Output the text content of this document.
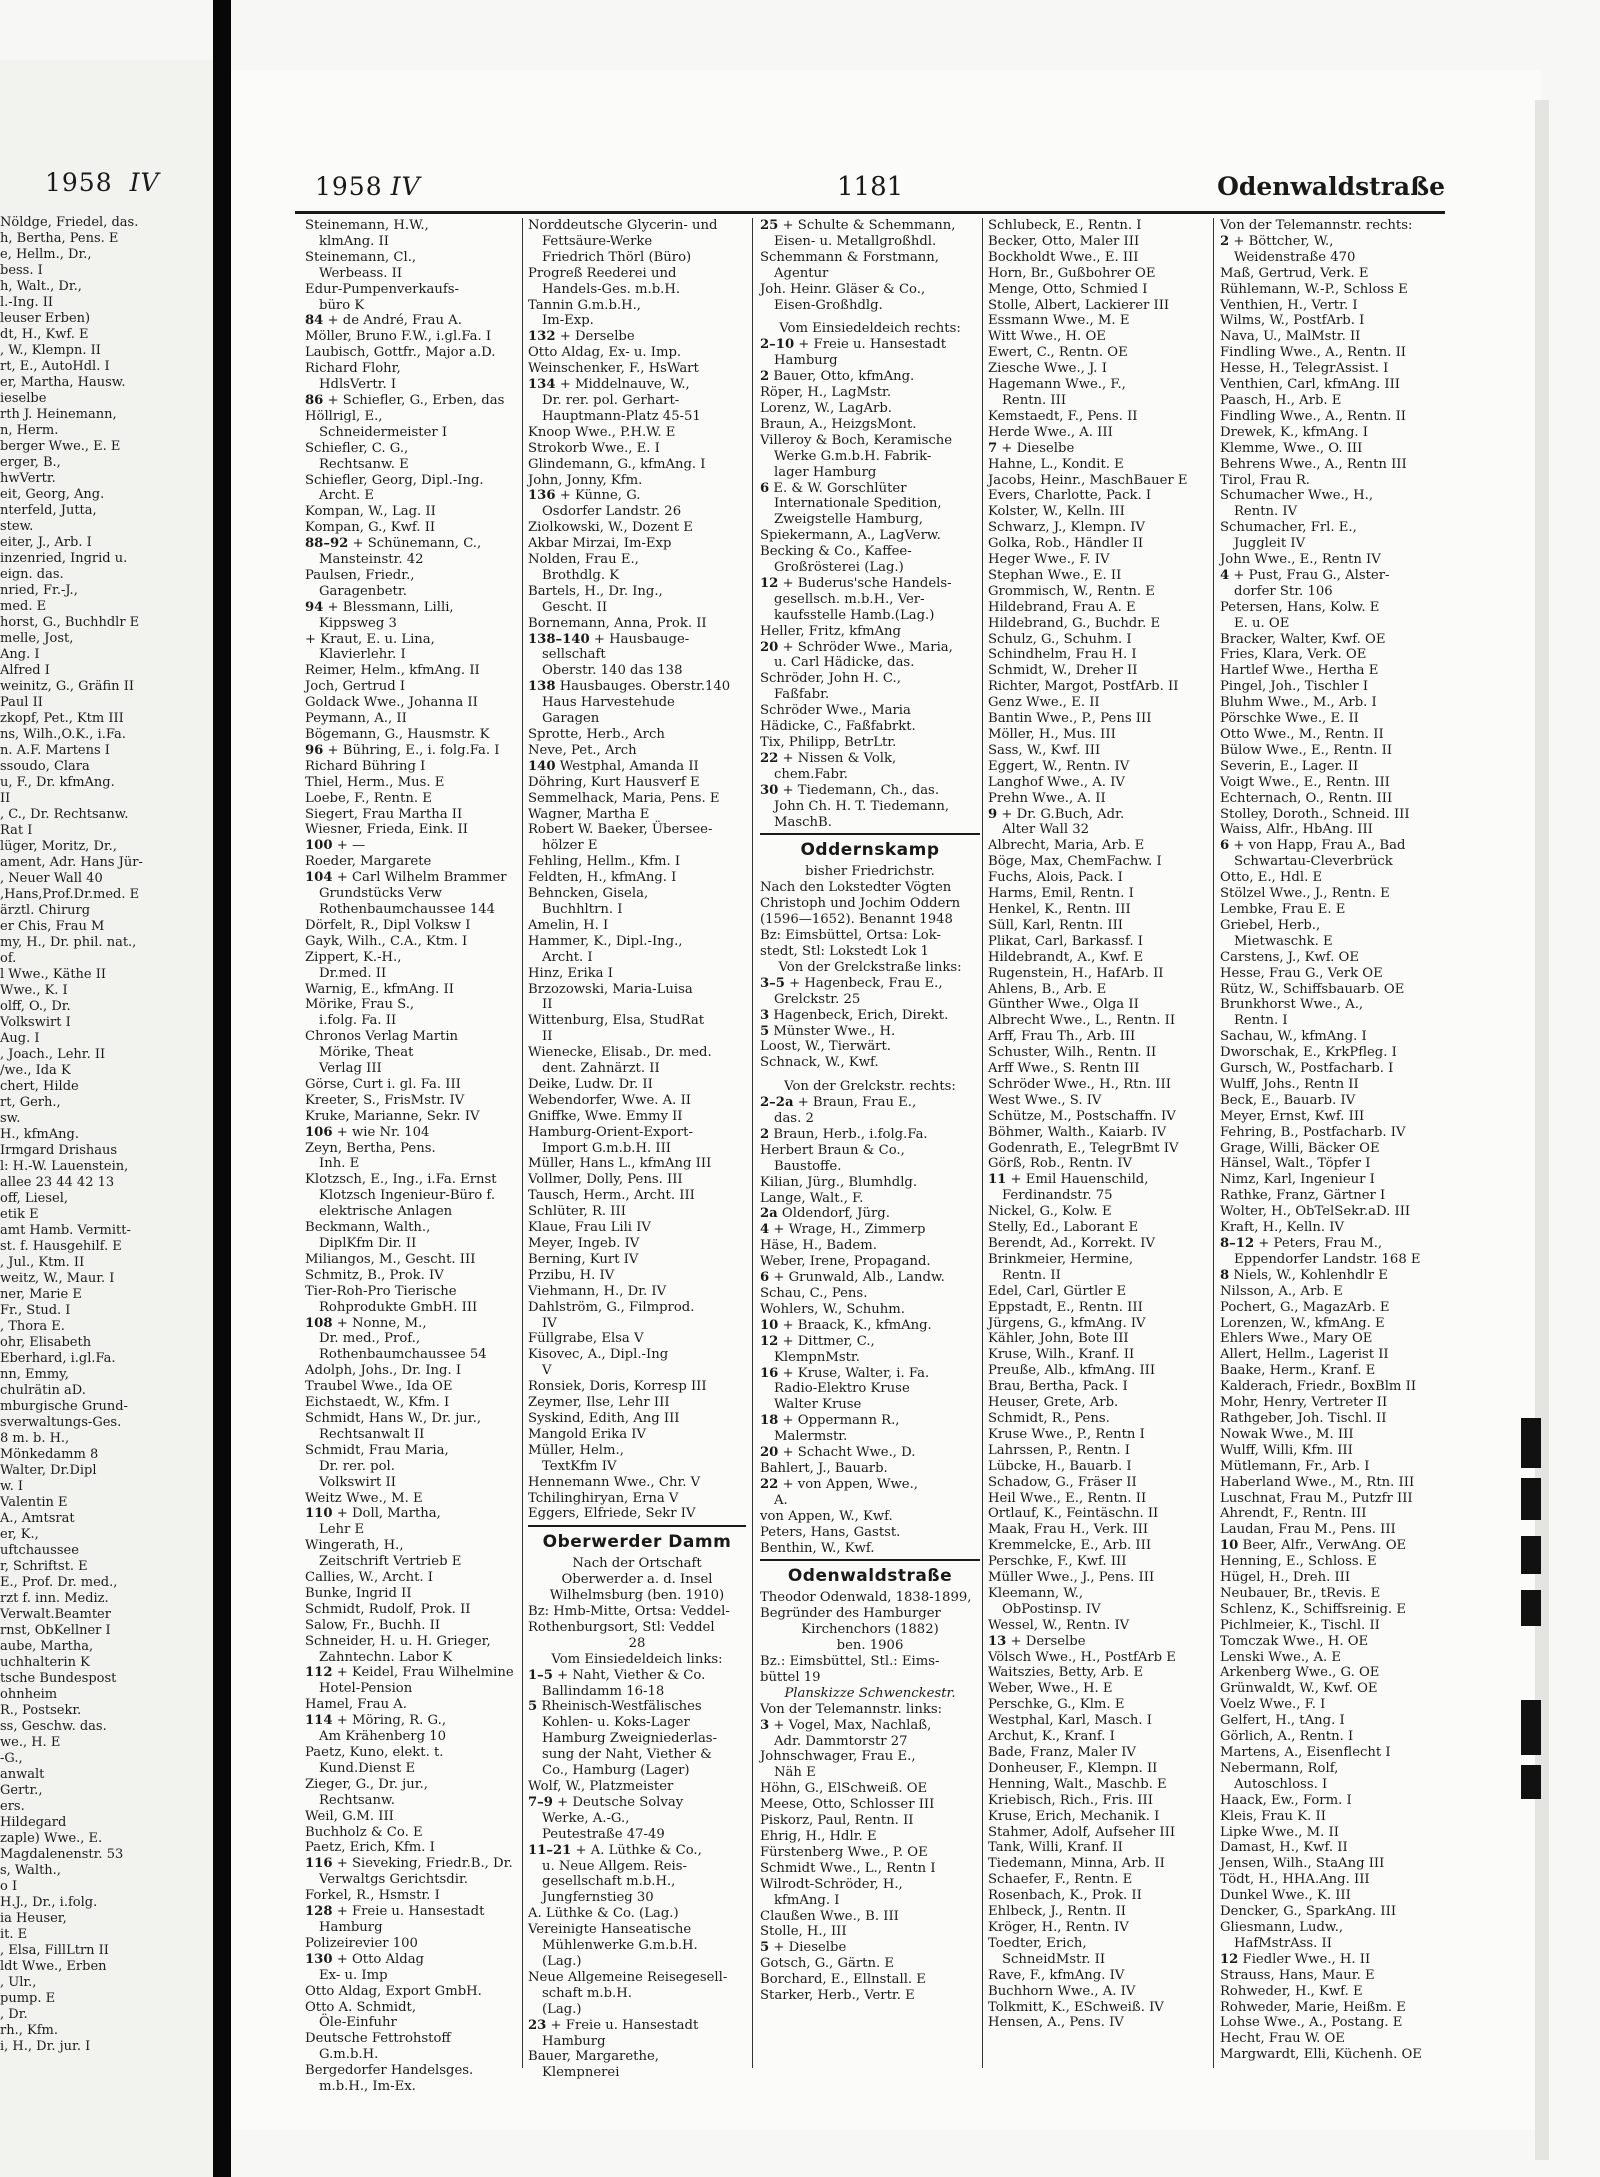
1958 IV
Nöldge, Friedel, das.
h, Bertha, Pens. E
e, Hellm., Dr.,
bess. I
h, Walt., Dr.,
l.-Ing. II
leuser Erben)
dt, H., Kwf. E
, W., Klempn. II
rt, E., AutoHdl. I
er, Martha, Hausw.
ieselbe
rth J. Heinemann,
n, Herm.
berger Wwe., E. E
erger, B.,
hwVertr.
eit, Georg, Ang.
nterfeld, Jutta,
stew.
eiter, J., Arb. I
inzenried, Ingrid u.
eign. das.
nried, Fr.-J.,
med. E
horst, G., Buchhdlr E
melle, Jost,
Ang. I
Alfred I
weinitz, G., Gräfin II
Paul II
zkopf, Pet., Ktm III
ns, Wilh.,O.K., i.Fa.
n. A.F. Martens I
ssoudo, Clara
u, F., Dr. kfmAng.
II
, C., Dr. Rechtsanw.
Rat I
lüger, Moritz, Dr.,
ament, Adr. Hans Jür-
, Neuer Wall 40
,Hans,Prof.Dr.med. E
ärztl. Chirurg
er Chis, Frau M
my, H., Dr. phil. nat.,
of.
l Wwe., Käthe II
Wwe., K. I
olff, O., Dr.
Volkswirt I
Aug. I
, Joach., Lehr. II
/we., Ida K
chert, Hilde
rt, Gerh.,
sw.
H., kfmAng.
Irmgard Drishaus
l: H.-W. Lauenstein,
allee 23 44 42 13
off, Liesel,
etik E
amt Hamb. Vermitt-
st. f. Hausgehilf. E
, Jul., Ktm. II
weitz, W., Maur. I
ner, Marie E
Fr., Stud. I
, Thora E.
ohr, Elisabeth
Eberhard, i.gl.Fa.
nn, Emmy,
chulrätin aD.
mburgische Grund-
sverwaltungs-Ges.
8 m. b. H.,
Mönkedamm 8
Walter, Dr.Dipl
w. I
Valentin E
A., Amtsrat
er, K.,
uftchaussee
r, Schriftst. E
E., Prof. Dr. med.,
rzt f. inn. Mediz.
Verwalt.Beamter
rnst, ObKellner I
aube, Martha,
uchhalterin K
tsche Bundespost
ohnheim
R., Postsekr.
ss, Geschw. das.
we., H. E
-G.,
anwalt
Gertr.,
ers.
Hildegard
zaple) Wwe., E.
Magdalenenstr. 53
s, Walth.,
o I
H.J., Dr., i.folg.
ia Heuser,
it. E
, Elsa, FillLtrn II
ldt Wwe., Erben
, Ulr.,
pump. E
, Dr.
rh., Kfm.
i, H., Dr. jur. I
1958 IV	1181	Odenwaldstraße
Steinemann, H.W.,
klmAng. II
Steinemann, Cl.,
Werbeass. II
Edur-Pumpenverkaufs-
büro K
84 + de André, Frau A.
Möller, Bruno F.W., i.gl.Fa. I
Laubisch, Gottfr., Major a.D.
Richard Flohr,
HdlsVertr. I
86 + Schiefler, G., Erben, das
Höllrigl, E.,
Schneidermeister I
Schiefler, C. G.,
Rechtsanw. E
Schiefler, Georg, Dipl.-Ing.
Archt. E
Kompan, W., Lag. II
Kompan, G., Kwf. II
88–92 + Schünemann, C.,
Mansteinstr. 42
Paulsen, Friedr.,
Garagenbetr.
94 + Blessmann, Lilli,
Kippsweg 3
+ Kraut, E. u. Lina,
Klavierlehr. I
Reimer, Helm., kfmAng. II
Joch, Gertrud I
Goldack Wwe., Johanna II
Peymann, A., II
Bögemann, G., Hausmstr. K
96 + Bühring, E., i. folg.Fa. I
Richard Bühring I
Thiel, Herm., Mus. E
Loebe, F., Rentn. E
Siegert, Frau Martha II
Wiesner, Frieda, Eink. II
100 + —
Roeder, Margarete
104 + Carl Wilhelm Brammer
Grundstücks Verw
Rothenbaumchaussee 144
Dörfelt, R., Dipl Volksw I
Gayk, Wilh., C.A., Ktm. I
Zippert, K.-H.,
Dr.med. II
Warnig, E., kfmAng. II
Mörike, Frau S.,
i.folg. Fa. II
Chronos Verlag Martin
Mörike, Theat
Verlag III
Görse, Curt i. gl. Fa. III
Kreeter, S., FrisMstr. IV
Kruke, Marianne, Sekr. IV
106 + wie Nr. 104
Zeyn, Bertha, Pens.
Inh. E
Klotzsch, E., Ing., i.Fa. Ernst
Klotzsch Ingenieur-Büro f.
elektrische Anlagen
Beckmann, Walth.,
DiplKfm Dir. II
Miliangos, M., Gescht. III
Schmitz, B., Prok. IV
Tier-Roh-Pro Tierische
Rohprodukte GmbH. III
108 + Nonne, M.,
Dr. med., Prof.,
Rothenbaumchaussee 54
Adolph, Johs., Dr. Ing. I
Traubel Wwe., Ida OE
Eichstaedt, W., Kfm. I
Schmidt, Hans W., Dr. jur.,
Rechtsanwalt II
Schmidt, Frau Maria,
Dr. rer. pol.
Volkswirt II
Weitz Wwe., M. E
110 + Doll, Martha,
Lehr E
Wingerath, H.,
Zeitschrift Vertrieb E
Callies, W., Archt. I
Bunke, Ingrid II
Schmidt, Rudolf, Prok. II
Salow, Fr., Buchh. II
Schneider, H. u. H. Grieger,
Zahntechn. Labor K
112 + Keidel, Frau Wilhelmine
Hotel-Pension
Hamel, Frau A.
114 + Möring, R. G.,
Am Krähenberg 10
Paetz, Kuno, elekt. t.
Kund.Dienst E
Zieger, G., Dr. jur.,
Rechtsanw.
Weil, G.M. III
Buchholz & Co. E
Paetz, Erich, Kfm. I
116 + Sieveking, Friedr.B., Dr.
Verwaltgs Gerichtsdir.
Forkel, R., Hsmstr. I
128 + Freie u. Hansestadt
Hamburg
Polizeirevier 100
130 + Otto Aldag
Ex- u. Imp
Otto Aldag, Export GmbH.
Otto A. Schmidt,
Öle-Einfuhr
Deutsche Fettrohstoff
G.m.b.H.
Bergedorfer Handelsges.
m.b.H., Im-Ex.
Norddeutsche Glycerin- und
Fettsäure-Werke
Friedrich Thörl (Büro)
Progreß Reederei und
Handels-Ges. m.b.H.
Tannin G.m.b.H.,
Im-Exp.
132 + Derselbe
Otto Aldag, Ex- u. Imp.
Weinschenker, F., HsWart
134 + Middelnauve, W.,
Dr. rer. pol. Gerhart-
Hauptmann-Platz 45-51
Knoop Wwe., P.H.W. E
Strokorb Wwe., E. I
Glindemann, G., kfmAng. I
John, Jonny, Kfm.
136 + Künne, G.
Osdorfer Landstr. 26
Ziolkowski, W., Dozent E
Akbar Mirzai, Im-Exp
Nolden, Frau E.,
Brothdlg. K
Bartels, H., Dr. Ing.,
Gescht. II
Bornemann, Anna, Prok. II
138–140 + Hausbauge-
sellschaft
Oberstr. 140 das 138
138 Hausbauges. Oberstr.140
Haus Harvestehude
Garagen
Sprotte, Herb., Arch
Neve, Pet., Arch
140 Westphal, Amanda II
Döhring, Kurt Hausverf E
Semmelhack, Maria, Pens. E
Wagner, Martha E
Robert W. Baeker, Übersee-
hölzer E
Fehling, Hellm., Kfm. I
Feldten, H., kfmAng. I
Behncken, Gisela,
Buchhltrn. I
Amelin, H. I
Hammer, K., Dipl.-Ing.,
Archt. I
Hinz, Erika I
Brzozowski, Maria-Luisa
II
Wittenburg, Elsa, StudRat
II
Wienecke, Elisab., Dr. med.
dent. Zahnärzt. II
Deike, Ludw. Dr. II
Webendorfer, Wwe. A. II
Gniffke, Wwe. Emmy II
Hamburg-Orient-Export-
Import G.m.b.H. III
Müller, Hans L., kfmAng III
Vollmer, Dolly, Pens. III
Tausch, Herm., Archt. III
Schlüter, R. III
Klaue, Frau Lili IV
Meyer, Ingeb. IV
Berning, Kurt IV
Przibu, H. IV
Viehmann, H., Dr. IV
Dahlström, G., Filmprod.
IV
Füllgrabe, Elsa V
Kisovec, A., Dipl.-Ing
V
Ronsiek, Doris, Korresp III
Zeymer, Ilse, Lehr III
Syskind, Edith, Ang III
Mangold Erika IV
Müller, Helm.,
TextKfm IV
Hennemann Wwe., Chr. V
Tchilinghiryan, Erna V
Eggers, Elfriede, Sekr IV
Oberwerder Damm
Nach der Ortschaft
Oberwerder a. d. Insel
Wilhelmsburg (ben. 1910)
Bz: Hmb-Mitte, Ortsa: Veddel-
Rothenburgsort, Stl: Veddel
28
Vom Einsiedeldeich links:
1–5 + Naht, Viether & Co.
Ballindamm 16-18
5 Rheinisch-Westfälisches
Kohlen- u. Koks-Lager
Hamburg Zweigniederlas-
sung der Naht, Viether &
Co., Hamburg (Lager)
Wolf, W., Platzmeister
7–9 + Deutsche Solvay
Werke, A.-G.,
Peutestraße 47-49
11–21 + A. Lüthke & Co.,
u. Neue Allgem. Reis-
gesellschaft m.b.H.,
Jungfernstieg 30
A. Lüthke & Co. (Lag.)
Vereinigte Hanseatische
Mühlenwerke G.m.b.H.
(Lag.)
Neue Allgemeine Reisegesell-
schaft m.b.H.
(Lag.)
23 + Freie u. Hansestadt
Hamburg
Bauer, Margarethe,
Klempnerei
25 + Schulte & Schemmann,
Eisen- u. Metallgroßhdl.
Schemmann & Forstmann,
Agentur
Joh. Heinr. Gläser & Co.,
Eisen-Großhdlg.
Vom Einsiedeldeich rechts:
2–10 + Freie u. Hansestadt
Hamburg
2 Bauer, Otto, kfmAng.
Röper, H., LagMstr.
Lorenz, W., LagArb.
Braun, A., HeizgsMont.
Villeroy & Boch, Keramische
Werke G.m.b.H. Fabrik-
lager Hamburg
6 E. & W. Gorschlüter
Internationale Spedition,
Zweigstelle Hamburg,
Spiekermann, A., LagVerw.
Becking & Co., Kaffee-
Großrösterei (Lag.)
12 + Buderus'sche Handels-
gesellsch. m.b.H., Ver-
kaufsstelle Hamb.(Lag.)
Heller, Fritz, kfmAng
20 + Schröder Wwe., Maria,
u. Carl Hädicke, das.
Schröder, John H. C.,
Faßfabr.
Schröder Wwe., Maria
Hädicke, C., Faßfabrkt.
Tix, Philipp, BetrLtr.
22 + Nissen & Volk,
chem.Fabr.
30 + Tiedemann, Ch., das.
John Ch. H. T. Tiedemann,
MaschB.
Oddernskamp
bisher Friedrichstr.
Nach den Lokstedter Vögten
Christoph und Jochim Oddern
(1596—1652). Benannt 1948
Bz: Eimsbüttel, Ortsa: Lok-
stedt, Stl: Lokstedt Lok 1
Von der Grelckstraße links:
3–5 + Hagenbeck, Frau E.,
Grelckstr. 25
3 Hagenbeck, Erich, Direkt.
5 Münster Wwe., H.
Loost, W., Tierwärt.
Schnack, W., Kwf.
Von der Grelckstr. rechts:
2–2a + Braun, Frau E.,
das. 2
2 Braun, Herb., i.folg.Fa.
Herbert Braun & Co.,
Baustoffe.
Kilian, Jürg., Blumhdlg.
Lange, Walt., F.
2a Oldendorf, Jürg.
4 + Wrage, H., Zimmerp
Häse, H., Badem.
Weber, Irene, Propagand.
6 + Grunwald, Alb., Landw.
Schau, C., Pens.
Wohlers, W., Schuhm.
10 + Braack, K., kfmAng.
12 + Dittmer, C.,
KlempnMstr.
16 + Kruse, Walter, i. Fa.
Radio-Elektro Kruse
Walter Kruse
18 + Oppermann R.,
Malermstr.
20 + Schacht Wwe., D.
Bahlert, J., Bauarb.
22 + von Appen, Wwe.,
A.
von Appen, W., Kwf.
Peters, Hans, Gastst.
Benthin, W., Kwf.
Odenwaldstraße
Theodor Odenwald, 1838-1899,
Begründer des Hamburger
Kirchenchors (1882)
ben. 1906
Bz.: Eimsbüttel, Stl.: Eims-
büttel 19
Planskizze Schwenckestr.
Von der Telemannstr. links:
3 + Vogel, Max, Nachlaß,
Adr. Dammtorstr 27
Johnschwager, Frau E.,
Näh E
Höhn, G., ElSchweiß. OE
Meese, Otto, Schlosser III
Piskorz, Paul, Rentn. II
Ehrig, H., Hdlr. E
Fürstenberg Wwe., P. OE
Schmidt Wwe., L., Rentn I
Wilrodt-Schröder, H.,
kfmAng. I
Claußen Wwe., B. III
Stolle, H., III
5 + Dieselbe
Gotsch, G., Gärtn. E
Borchard, E., Ellnstall. E
Starker, Herb., Vertr. E
Schlubeck, E., Rentn. I
Becker, Otto, Maler III
Bockholdt Wwe., E. III
Horn, Br., Gußbohrer OE
Menge, Otto, Schmied I
Stolle, Albert, Lackierer III
Essmann Wwe., M. E
Witt Wwe., H. OE
Ewert, C., Rentn. OE
Ziesche Wwe., J. I
Hagemann Wwe., F.,
Rentn. III
Kemstaedt, F., Pens. II
Herde Wwe., A. III
7 + Dieselbe
Hahne, L., Kondit. E
Jacobs, Heinr., MaschBauer E
Evers, Charlotte, Pack. I
Kolster, W., Kelln. III
Schwarz, J., Klempn. IV
Golka, Rob., Händler II
Heger Wwe., F. IV
Stephan Wwe., E. II
Grommisch, W., Rentn. E
Hildebrand, Frau A. E
Hildebrand, G., Buchdr. E
Schulz, G., Schuhm. I
Schindhelm, Frau H. I
Schmidt, W., Dreher II
Richter, Margot, PostfArb. II
Genz Wwe., E. II
Bantin Wwe., P., Pens III
Möller, H., Mus. III
Sass, W., Kwf. III
Eggert, W., Rentn. IV
Langhof Wwe., A. IV
Prehn Wwe., A. II
9 + Dr. G.Buch, Adr.
Alter Wall 32
Albrecht, Maria, Arb. E
Böge, Max, ChemFachw. I
Fuchs, Alois, Pack. I
Harms, Emil, Rentn. I
Henkel, K., Rentn. III
Süll, Karl, Rentn. III
Plikat, Carl, Barkassf. I
Hildebrandt, A., Kwf. E
Rugenstein, H., HafArb. II
Ahlens, B., Arb. E
Günther Wwe., Olga II
Albrecht Wwe., L., Rentn. II
Arff, Frau Th., Arb. III
Schuster, Wilh., Rentn. II
Arff Wwe., S. Rentn III
Schröder Wwe., H., Rtn. III
West Wwe., S. IV
Schütze, M., Postschaffn. IV
Böhmer, Walth., Kaiarb. IV
Godenrath, E., TelegrBmt IV
Görß, Rob., Rentn. IV
11 + Emil Hauenschild,
Ferdinandstr. 75
Nickel, G., Kolw. E
Stelly, Ed., Laborant E
Berendt, Ad., Korrekt. IV
Brinkmeier, Hermine,
Rentn. II
Edel, Carl, Gürtler E
Eppstadt, E., Rentn. III
Jürgens, G., kfmAng. IV
Kähler, John, Bote III
Kruse, Wilh., Kranf. II
Preuße, Alb., kfmAng. III
Brau, Bertha, Pack. I
Heuser, Grete, Arb.
Schmidt, R., Pens.
Kruse Wwe., P., Rentn I
Lahrssen, P., Rentn. I
Lübcke, H., Bauarb. I
Schadow, G., Fräser II
Heil Wwe., E., Rentn. II
Ortlauf, K., Feintäschn. II
Maak, Frau H., Verk. III
Kremmelcke, E., Arb. III
Perschke, F., Kwf. III
Müller Wwe., J., Pens. III
Kleemann, W.,
ObPostinsp. IV
Wessel, W., Rentn. IV
13 + Derselbe
Völsch Wwe., H., PostfArb E
Waitszies, Betty, Arb. E
Weber, Wwe., H. E
Perschke, G., Klm. E
Westphal, Karl, Masch. I
Archut, K., Kranf. I
Bade, Franz, Maler IV
Donheuser, F., Klempn. II
Henning, Walt., Maschb. E
Kriebisch, Rich., Fris. III
Kruse, Erich, Mechanik. I
Stahmer, Adolf, Aufseher III
Tank, Willi, Kranf. II
Tiedemann, Minna, Arb. II
Schaefer, F., Rentn. E
Rosenbach, K., Prok. II
Ehlbeck, J., Rentn. II
Kröger, H., Rentn. IV
Toedter, Erich,
SchneidMstr. II
Rave, F., kfmAng. IV
Buchhorn Wwe., A. IV
Tolkmitt, K., ESchweiß. IV
Hensen, A., Pens. IV
Von der Telemannstr. rechts:
2 + Böttcher, W.,
Weidenstraße 470
Maß, Gertrud, Verk. E
Rühlemann, W.-P., Schloss E
Venthien, H., Vertr. I
Wilms, W., PostfArb. I
Nava, U., MalMstr. II
Findling Wwe., A., Rentn. II
Hesse, H., TelegrAssist. I
Venthien, Carl, kfmAng. III
Paasch, H., Arb. E
Findling Wwe., A., Rentn. II
Drewek, K., kfmAng. I
Klemme, Wwe., O. III
Behrens Wwe., A., Rentn III
Tirol, Frau R.
Schumacher Wwe., H.,
Rentn. IV
Schumacher, Frl. E.,
Juggleit IV
John Wwe., E., Rentn IV
4 + Pust, Frau G., Alster-
dorfer Str. 106
Petersen, Hans, Kolw. E
E. u. OE
Bracker, Walter, Kwf. OE
Fries, Klara, Verk. OE
Hartlef Wwe., Hertha E
Pingel, Joh., Tischler I
Bluhm Wwe., M., Arb. I
Pörschke Wwe., E. II
Otto Wwe., M., Rentn. II
Bülow Wwe., E., Rentn. II
Severin, E., Lager. II
Voigt Wwe., E., Rentn. III
Echternach, O., Rentn. III
Stolley, Doroth., Schneid. III
Waiss, Alfr., HbAng. III
6 + von Happ, Frau A., Bad
Schwartau-Cleverbrück
Otto, E., Hdl. E
Stölzel Wwe., J., Rentn. E
Lembke, Frau E. E
Griebel, Herb.,
Mietwaschk. E
Carstens, J., Kwf. OE
Hesse, Frau G., Verk OE
Rütz, W., Schiffsbauarb. OE
Brunkhorst Wwe., A.,
Rentn. I
Sachau, W., kfmAng. I
Dworschak, E., KrkPfleg. I
Gursch, W., Postfacharb. I
Wulff, Johs., Rentn II
Beck, E., Bauarb. IV
Meyer, Ernst, Kwf. III
Fehring, B., Postfacharb. IV
Grage, Willi, Bäcker OE
Hänsel, Walt., Töpfer I
Nimz, Karl, Ingenieur I
Rathke, Franz, Gärtner I
Wolter, H., ObTelSekr.aD. III
Kraft, H., Kelln. IV
8–12 + Peters, Frau M.,
Eppendorfer Landstr. 168 E
8 Niels, W., Kohlenhdlr E
Nilsson, A., Arb. E
Pochert, G., MagazArb. E
Lorenzen, W., kfmAng. E
Ehlers Wwe., Mary OE
Allert, Hellm., Lagerist II
Baake, Herm., Kranf. E
Kalderach, Friedr., BoxBlm II
Mohr, Henry, Vertreter II
Rathgeber, Joh. Tischl. II
Nowak Wwe., M. III
Wulff, Willi, Kfm. III
Mütlemann, Fr., Arb. I
Haberland Wwe., M., Rtn. III
Luschnat, Frau M., Putzfr III
Ahrendt, F., Rentn. III
Laudan, Frau M., Pens. III
10 Beer, Alfr., VerwAng. OE
Henning, E., Schloss. E
Hügel, H., Dreh. III
Neubauer, Br., tRevis. E
Schlenz, K., Schiffsreinig. E
Pichlmeier, K., Tischl. II
Tomczak Wwe., H. OE
Lenski Wwe., A. E
Arkenberg Wwe., G. OE
Grünwaldt, W., Kwf. OE
Voelz Wwe., F. I
Gelfert, H., tAng. I
Görlich, A., Rentn. I
Martens, A., Eisenflecht I
Nebermann, Rolf,
Autoschloss. I
Haack, Ew., Form. I
Kleis, Frau K. II
Lipke Wwe., M. II
Damast, H., Kwf. II
Jensen, Wilh., StaAng III
Tödt, H., HHA.Ang. III
Dunkel Wwe., K. III
Dencker, G., SparkAng. III
Gliesmann, Ludw.,
HafMstrAss. II
12 Fiedler Wwe., H. II
Strauss, Hans, Maur. E
Rohweder, H., Kwf. E
Rohweder, Marie, Heißm. E
Lohse Wwe., A., Postang. E
Hecht, Frau W. OE
Margwardt, Elli, Küchenh. OE
